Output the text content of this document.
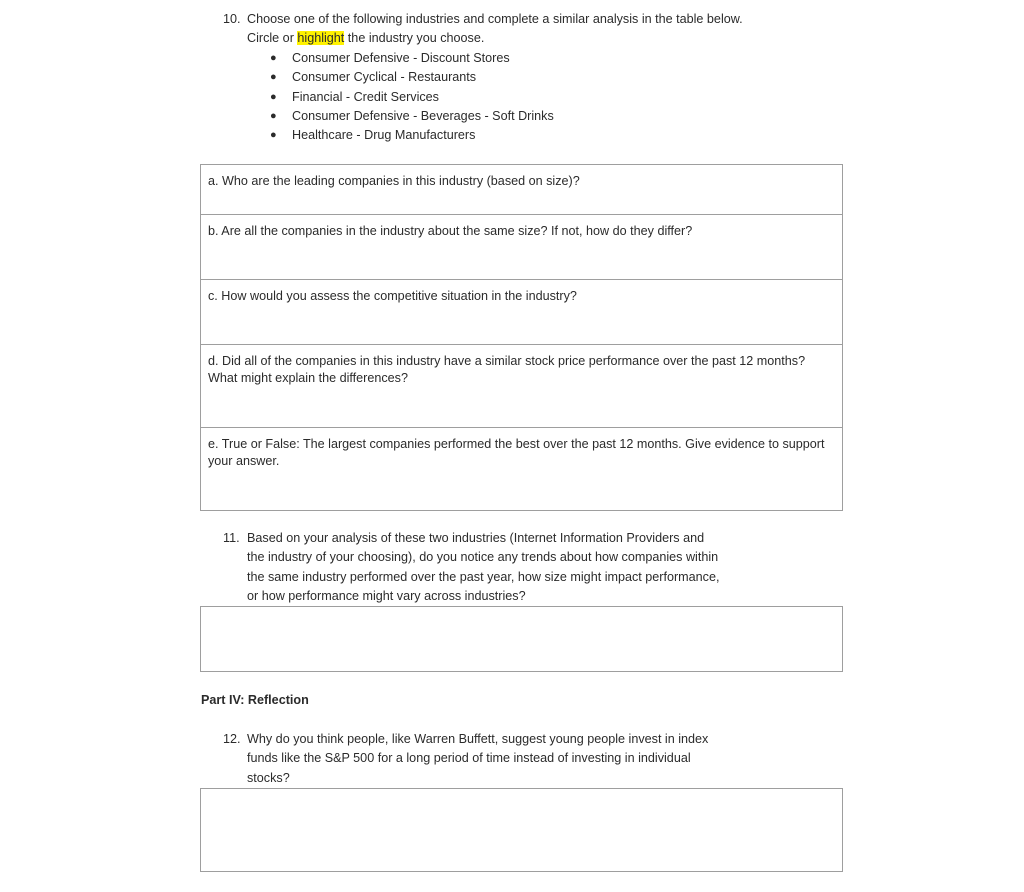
10. Choose one of the following industries and complete a similar analysis in the table below. Circle or highlight the industry you choose.
● Consumer Defensive - Discount Stores
● Consumer Cyclical - Restaurants
● Financial - Credit Services
● Consumer Defensive - Beverages - Soft Drinks
● Healthcare - Drug Manufacturers
a. Who are the leading companies in this industry (based on size)?
b. Are all the companies in the industry about the same size? If not, how do they differ?
c. How would you assess the competitive situation in the industry?
d. Did all of the companies in this industry have a similar stock price performance over the past 12 months? What might explain the differences?
e. True or False: The largest companies performed the best over the past 12 months. Give evidence to support your answer.
11. Based on your analysis of these two industries (Internet Information Providers and the industry of your choosing), do you notice any trends about how companies within the same industry performed over the past year, how size might impact performance, or how performance might vary across industries?
Part IV: Reflection
12. Why do you think people, like Warren Buffett, suggest young people invest in index funds like the S&P 500 for a long period of time instead of investing in individual stocks?
